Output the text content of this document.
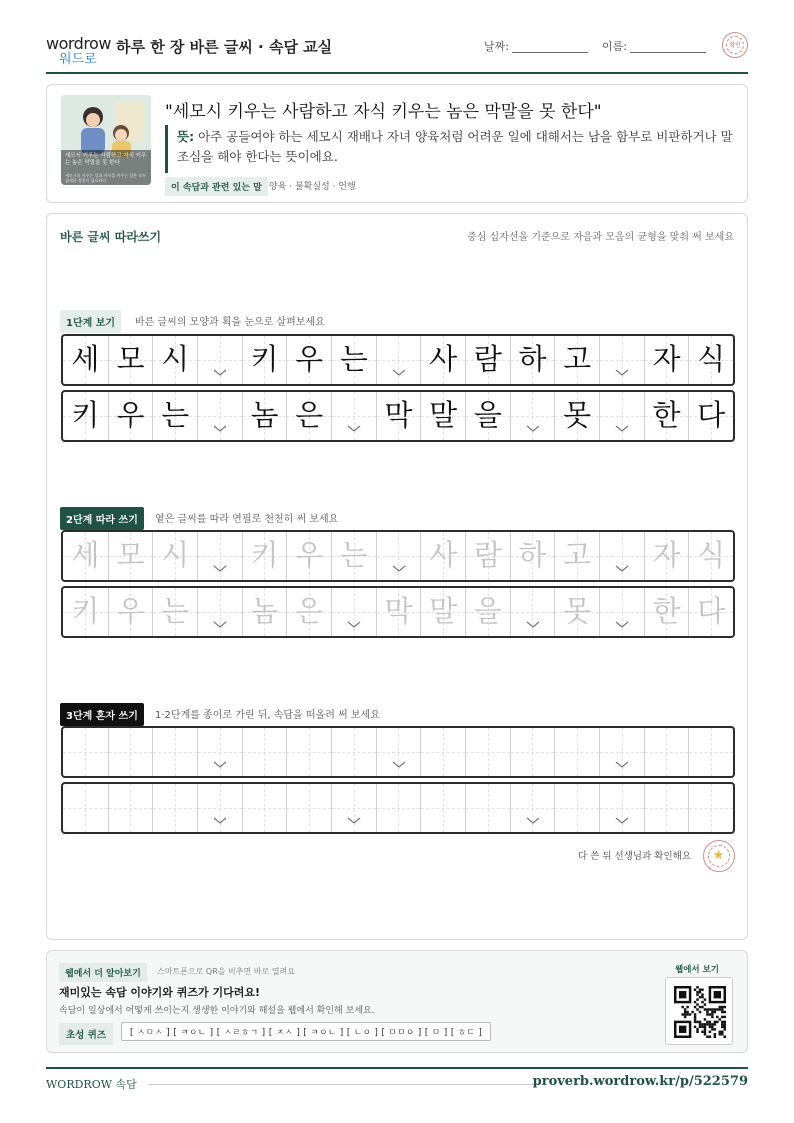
wordrow
워드로
하루 한 장 바른 글씨 · 속담 교실	날짜:	이름:	확인
세모시 키우는 사람하고 자식 키우는 놈은 막말을 못 한다
세모시를 키우는 일과 자식을 키우는 일은 모두 섬세한 정성이 필요하다
"세모시 키우는 사람하고 자식 키우는 놈은 막말을 못 한다"
뜻: 아주 공들여야 하는 세모시 재배나 자녀 양육처럼 어려운 일에 대해서는 남을 함부로 비판하거나 말 조심을 해야 한다는 뜻이에요.
이 속담과 관련 있는 말 양육 · 불확실성 · 언행
바른 글씨 따라쓰기	중심 십자선을 기준으로 자음과 모음의 균형을 맞춰 써 보세요
1단계 보기	바른 글씨의 모양과 획을 눈으로 살펴보세요
세 모 시 키 우 는 사 람 하 고 자 식
키 우 는 놈 은 막 말 을 못 한 다
2단계 따라 쓰기	옅은 글씨를 따라 연필로 천천히 써 보세요
세 모 시 키 우 는 사 람 하 고 자 식
키 우 는 놈 은 막 말 을 못 한 다
3단계 혼자 쓰기	1·2단계를 종이로 가린 뒤, 속담을 떠올려 써 보세요
다 쓴 뒤 선생님과 확인해요	★
웹에서 더 알아보기	스마트폰으로 QR을 비추면 바로 열려요
재미있는 속담 이야기와 퀴즈가 기다려요!
속담이 일상에서 어떻게 쓰이는지 생생한 이야기와 해설을 웹에서 확인해 보세요.
초성 퀴즈	[ ㅅㅁㅅ ] [ ㅋㅇㄴ ] [ ㅅㄹㅎㄱ ] [ ㅈㅅ ] [ ㅋㅇㄴ ] [ ㄴㅇ ] [ ㅁㅁㅇ ] [ ㅁ ] [ ㅎㄷ ]
웹에서 보기
WORDROW 속담	proverb.wordrow.kr/p/522579
